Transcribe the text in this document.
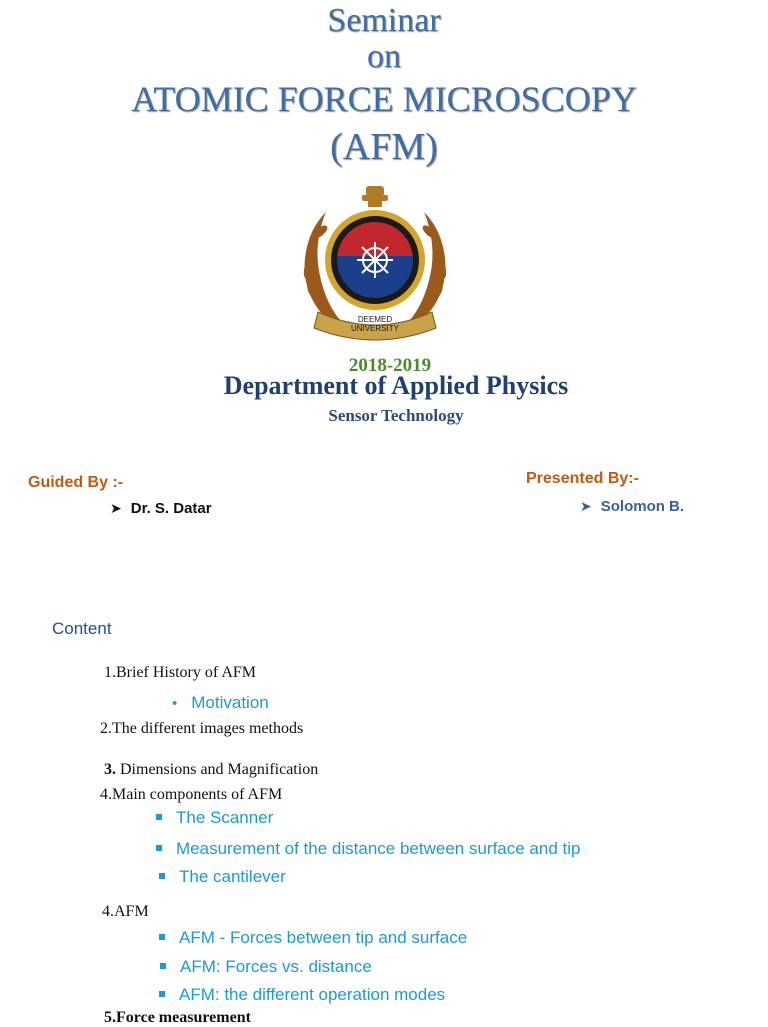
Seminar
on
ATOMIC FORCE MICROSCOPY
(AFM)
DEEMED
UNIVERSITY
2018-2019
Department of Applied Physics
Sensor Technology
Guided By :-
➤ Dr. S. Datar
Presented By:-
➤ Solomon B.
Content
1.Brief History of AFM
• Motivation
2.The different images methods
3. Dimensions and Magnification
4.Main components of AFM
The Scanner
Measurement of the distance between surface and tip
The cantilever
4.AFM
AFM - Forces between tip and surface
AFM: Forces vs. distance
AFM: the different operation modes
5.Force measurement
